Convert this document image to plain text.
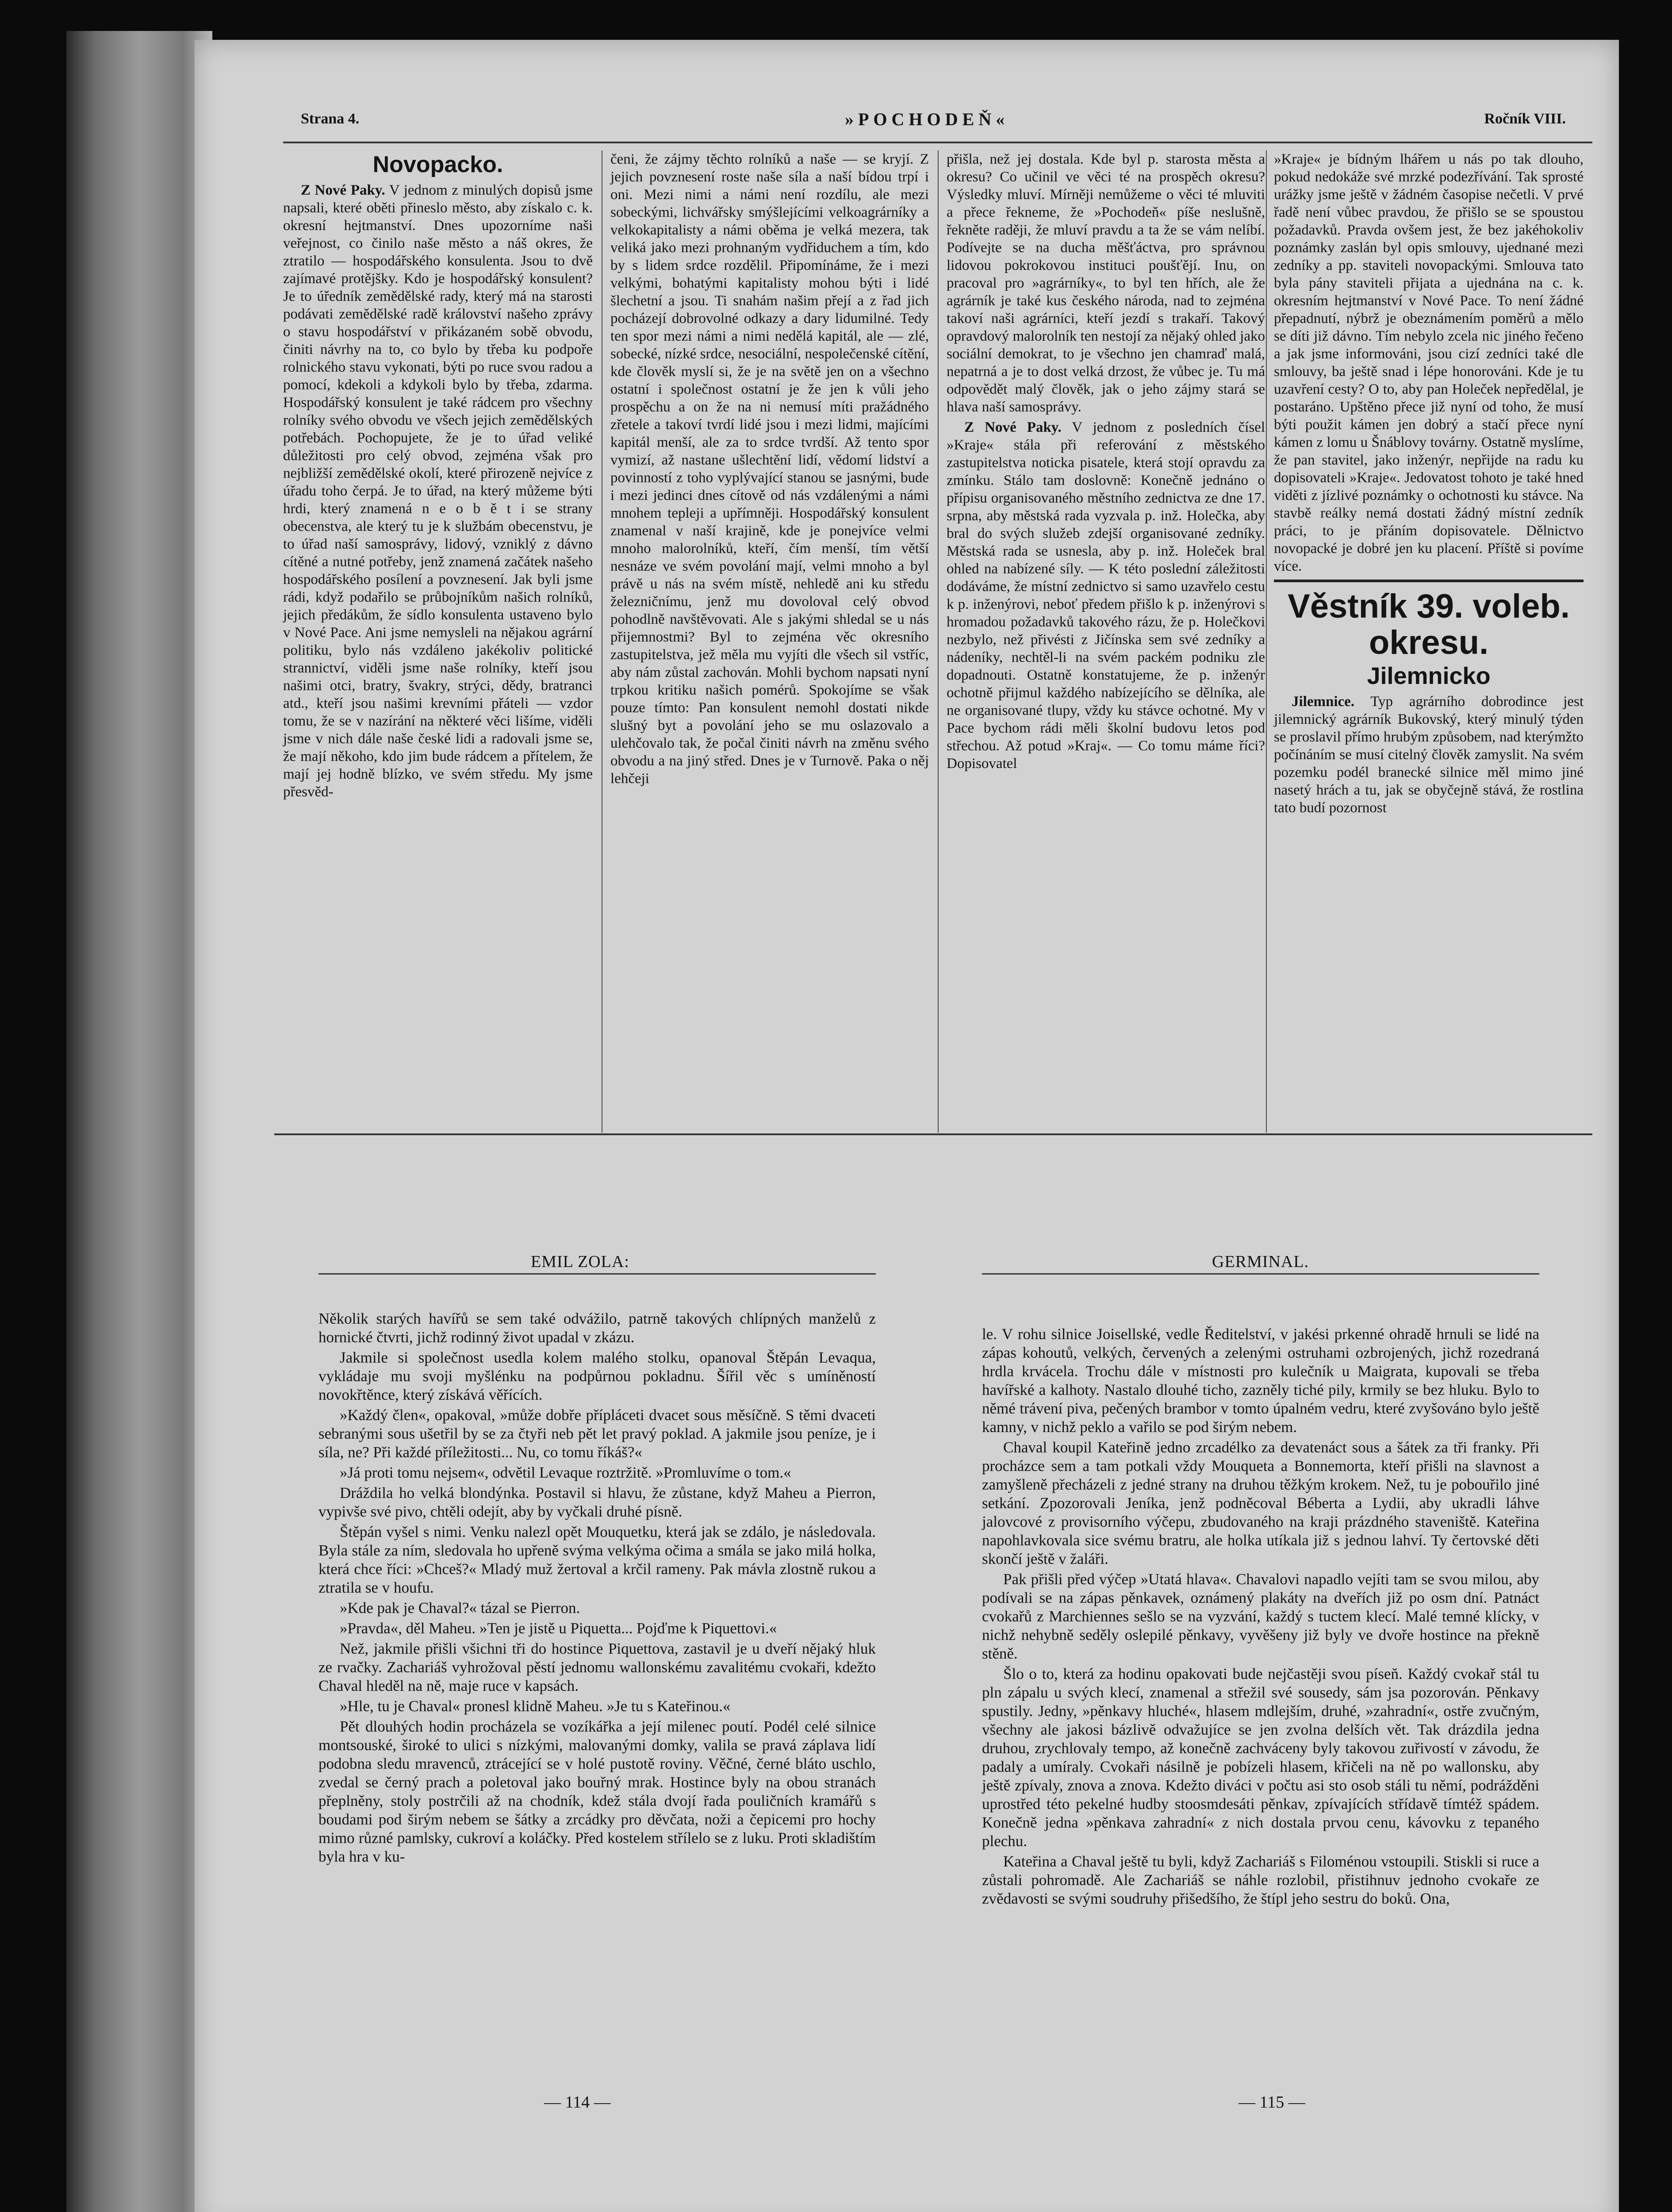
Strana 4.	»POCHODEŇ«	Ročník VIII.
Novopacko.

Z Nové Paky. V jednom z minulých dopisů jsme napsali, které oběti přineslo město, aby získalo c. k. okresní hejtmanství. Dnes upozorníme naši veřejnost, co činilo naše město a náš okres, že ztratilo — hospodářského konsulenta. Jsou to dvě zajímavé protějšky. Kdo je hospodářský konsulent? Je to úředník zemědělské rady, který má na starosti podávati zemědělské radě království našeho zprávy o stavu hospodářství v přikázaném sobě obvodu, činiti návrhy na to, co bylo by třeba ku podpoře rolnického stavu vykonati, býti po ruce svou radou a pomocí, kdekoli a kdykoli bylo by třeba, zdarma. Hospodářský konsulent je také rádcem pro všechny rolníky svého obvodu ve všech jejich zemědělských potřebách. Pochopujete, že je to úřad veliké důležitosti pro celý obvod, zejména však pro nejbližší zemědělské okolí, které přirozeně nejvíce z úřadu toho čerpá. Je to úřad, na který můžeme býti hrdi, který znamená n e o b ě t i se strany obecenstva, ale který tu je k službám obecenstvu, je to úřad naší samosprávy, lidový, vzniklý z dávno cítěné a nutné potřeby, jenž znamená začátek našeho hospodářského posílení a povznesení. Jak byli jsme rádi, když podařilo se průbojníkům našich rolníků, jejich předákům, že sídlo konsulenta ustaveno bylo v Nové Pace. Ani jsme nemysleli na nějakou agrární politiku, bylo nás vzdáleno jakékoliv politické strannictví, viděli jsme naše rolníky, kteří jsou našimi otci, bratry, švakry, strýci, dědy, bratranci atd., kteří jsou našimi krevními přáteli — vzdor tomu, že se v nazírání na některé věci lišíme, viděli jsme v nich dále naše české lidi a radovali jsme se, že mají někoho, kdo jim bude rádcem a přítelem, že mají jej hodně blízko, ve svém středu. My jsme přesvěd-

čeni, že zájmy těchto rolníků a naše — se kryjí. Z jejich povznesení roste naše síla a naší bídou trpí i oni. Mezi nimi a námi není rozdílu, ale mezi sobeckými, lichvářsky smýšlejícími velkoagrárníky a velkokapitalisty a námi oběma je velká mezera, tak veliká jako mezi prohnaným vydřiduchem a tím, kdo by s lidem srdce rozdělil. Připomínáme, že i mezi velkými, bohatými kapitalisty mohou býti i lidé šlechetní a jsou. Ti snahám našim přejí a z řad jich pocházejí dobrovolné odkazy a dary lidumilné. Tedy ten spor mezi námi a nimi nedělá kapitál, ale — zlé, sobecké, nízké srdce, nesociální, nespolečenské cítění, kde člověk myslí si, že je na světě jen on a všechno ostatní i společnost ostatní je že jen k vůli jeho prospěchu a on že na ni nemusí míti pražádného zřetele a takoví tvrdí lidé jsou i mezi lidmi, majícími kapitál menší, ale za to srdce tvrdší. Až tento spor vymizí, až nastane ušlechtění lidí, vědomí lidství a povinností z toho vyplývající stanou se jasnými, bude i mezi jedinci dnes cítově od nás vzdálenými a námi mnohem tepleji a upřímněji. Hospodářský konsulent znamenal v naší krajině, kde je ponejvíce velmi mnoho malorolníků, kteří, čím menší, tím větší nesnáze ve svém povolání mají, velmi mnoho a byl právě u nás na svém místě, nehledě ani ku středu železničnímu, jenž mu dovoloval celý obvod pohodlně navštěvovati. Ale s jakými shledal se u nás přijemnostmi? Byl to zejména věc okresního zastupitelstva, jež měla mu vyjíti dle všech sil vstříc, aby nám zůstal zachován. Mohli bychom napsati nyní trpkou kritiku našich pomérů. Spokojíme se však pouze tímto: Pan konsulent nemohl dostati nikde slušný byt a povolání jeho se mu oslazovalo a ulehčovalo tak, že počal činiti návrh na změnu svého obvodu a na jiný střed. Dnes je v Turnově. Paka o něj lehčeji

přišla, než jej dostala. Kde byl p. starosta města a okresu? Co učinil ve věci té na prospěch okresu? Výsledky mluví. Mírněji nemůžeme o věci té mluviti a přece řekneme, že »Pochodeň« píše neslušně, řekněte raději, že mluví pravdu a ta že se vám nelíbí. Podívejte se na ducha měšťáctva, pro správnou lidovou pokrokovou instituci poušťějí. Inu, on pracoval pro »agrárníky«, to byl ten hřích, ale že agrárník je také kus českého národa, nad to zejména takoví naši agrárníci, kteří jezdí s trakaří. Takový opravdový malorolník ten nestojí za nějaký ohled jako sociální demokrat, to je všechno jen chamraď malá, nepatrná a je to dost velká drzost, že vůbec je. Tu má odpovědět malý člověk, jak o jeho zájmy stará se hlava naší samosprávy.

Z Nové Paky. V jednom z posledních čísel »Kraje« stála při referování z městského zastupitelstva noticka pisatele, která stojí opravdu za zmínku. Stálo tam doslovně: Konečně jednáno o přípisu organisovaného městního zednictva ze dne 17. srpna, aby městská rada vyzvala p. inž. Holečka, aby bral do svých služeb zdejší organisované zedníky. Městská rada se usnesla, aby p. inž. Holeček bral ohled na nabízené síly. — K této poslední záležitosti dodáváme, že místní zednictvo si samo uzavřelo cestu k p. inženýrovi, neboť předem přišlo k p. inženýrovi s hromadou požadavků takového rázu, že p. Holečkovi nezbylo, než přivésti z Jičínska sem své zedníky a nádeníky, nechtěl-li na svém packém podniku zle dopadnouti. Ostatně konstatujeme, že p. inženýr ochotně přijmul každého nabízejícího se dělníka, ale ne organisované tlupy, vždy ku stávce ochotné. My v Pace bychom rádi měli školní budovu letos pod střechou. Až potud »Kraj«. — Co tomu máme říci? Dopisovatel

»Kraje« je bídným lhářem u nás po tak dlouho, pokud nedokáže své mrzké podezřívání. Tak sprosté urážky jsme ještě v žádném časopise nečetli. V prvé řadě není vůbec pravdou, že přišlo se se spoustou požadavků. Pravda ovšem jest, že bez jakéhokoliv poznámky zaslán byl opis smlouvy, ujednané mezi zedníky a pp. staviteli novopackými. Smlouva tato byla pány staviteli přijata a ujednána na c. k. okresním hejtmanství v Nové Pace. To není žádné přepadnutí, nýbrž je obeznámením poměrů a mělo se díti již dávno. Tím nebylo zcela nic jiného řečeno a jak jsme informováni, jsou cizí zedníci také dle smlouvy, ba ještě snad i lépe honorováni. Kde je tu uzavření cesty? O to, aby pan Holeček nepředělal, je postaráno. Upštěno přece již nyní od toho, že musí býti použit kámen jen dobrý a stačí přece nyní kámen z lomu u Šnáblovy továrny. Ostatně myslíme, že pan stavitel, jako inženýr, nepřijde na radu ku dopisovateli »Kraje«. Jedovatost tohoto je také hned viděti z jízlivé poznámky o ochotnosti ku stávce. Na stavbě reálky nemá dostati žádný místní zedník práci, to je přáním dopisovatele. Dělnictvo novopacké je dobré jen ku placení. Příště si povíme více.

Věstník 39. voleb. okresu.
Jilemnicko

Jilemnice. Typ agrárního dobrodince jest jilemnický agrárník Bukovský, který minulý týden se proslavil přímo hrubým způsobem, nad kterýmžto počínáním se musí citelný člověk zamyslit. Na svém pozemku podél branecké silnice měl mimo jiné nasetý hrách a tu, jak se obyčejně stává, že rostlina tato budí pozornost

EMIL ZOLA:	GERMINAL.

Několik starých havířů se sem také odvážilo, patrně takových chlípných manželů z hornické čtvrti, jichž rodinný život upadal v zkázu.

Jakmile si společnost usedla kolem malého stolku, opanoval Štěpán Levaqua, vykládaje mu svoji myšlénku na podpůrnou pokladnu. Šířil věc s umíněností novokřtěnce, který získává věřících.

»Každý člen«, opakoval, »může dobře přípláceti dvacet sous měsíčně. S těmi dvaceti sebranými sous ušetřil by se za čtyři neb pět let pravý poklad. A jakmile jsou peníze, je i síla, ne? Při každé příležitosti... Nu, co tomu říkáš?«

»Já proti tomu nejsem«, odvětil Levaque roztržitě. »Promluvíme o tom.«

Dráždila ho velká blondýnka. Postavil si hlavu, že zůstane, když Maheu a Pierron, vypivše své pivo, chtěli odejít, aby by vyčkali druhé písně.

Štěpán vyšel s nimi. Venku nalezl opět Mouquetku, která jak se zdálo, je následovala. Byla stále za ním, sledovala ho upřeně svýma velkýma očima a smála se jako milá holka, která chce říci: »Chceš?« Mladý muž žertoval a krčil rameny. Pak mávla zlostně rukou a ztratila se v houfu.

»Kde pak je Chaval?« tázal se Pierron.

»Pravda«, děl Maheu. »Ten je jistě u Piquetta... Pojďme k Piquettovi.«

Než, jakmile přišli všichni tři do hostince Piquettova, zastavil je u dveří nějaký hluk ze rvačky. Zachariáš vyhrožoval pěstí jednomu wallonskému zavalitému cvokaři, kdežto Chaval hleděl na ně, maje ruce v kapsách.

»Hle, tu je Chaval« pronesl klidně Maheu. »Je tu s Kateřinou.«

Pět dlouhých hodin procházela se vozíkářka a její milenec poutí. Podél celé silnice montsouské, široké to ulici s nízkými, malovanými domky, valila se pravá záplava lidí podobna sledu mravenců, ztrácející se v holé pustotě roviny. Věčné, černé bláto uschlo, zvedal se černý prach a poletoval jako bouřný mrak. Hostince byly na obou stranách přeplněny, stoly postrčili až na chodník, kdež stála dvojí řada pouličních kramářů s boudami pod širým nebem se šátky a zrcádky pro děvčata, noži a čepicemi pro hochy mimo různé pamlsky, cukroví a koláčky. Před kostelem střílelo se z luku. Proti skladištím byla hra v ku-

le. V rohu silnice Joisellské, vedle Ředitelství, v jakési prkenné ohradě hrnuli se lidé na zápas kohoutů, velkých, červených a zelenými ostruhami ozbrojených, jichž rozedraná hrdla krvácela. Trochu dále v místnosti pro kulečník u Maigrata, kupovali se třeba havířské a kalhoty. Nastalo dlouhé ticho, zazněly tiché pily, krmily se bez hluku. Bylo to němé trávení piva, pečených brambor v tomto úpalném vedru, které zvyšováno bylo ještě kamny, v nichž peklo a vařilo se pod širým nebem.

Chaval koupil Kateřině jedno zrcadélko za devatenáct sous a šátek za tři franky. Při procházce sem a tam potkali vždy Mouqueta a Bonnemorta, kteří přišli na slavnost a zamyšleně přecházeli z jedné strany na druhou těžkým krokem. Než, tu je pobouřilo jiné setkání. Zpozorovali Jeníka, jenž podněcoval Béberta a Lydii, aby ukradli láhve jalovcové z provisorního výčepu, zbudovaného na kraji prázdného staveniště. Kateřina napohlavkovala sice svému bratru, ale holka utíkala již s jednou lahví. Ty čertovské děti skončí ještě v žaláři.

Pak přišli před výčep »Utatá hlava«. Chavalovi napadlo vejíti tam se svou milou, aby podívali se na zápas pěnkavek, oznámený plakáty na dveřích již po osm dní. Patnáct cvokařů z Marchiennes sešlo se na vyzvání, každý s tuctem klecí. Malé temné klícky, v nichž nehybně seděly oslepilé pěnkavy, vyvěšeny již byly ve dvoře hostince na překně stěně.

Šlo o to, která za hodinu opakovati bude nejčastěji svou píseň. Každý cvokař stál tu pln zápalu u svých klecí, znamenal a střežil své sousedy, sám jsa pozorován. Pěnkavy spustily. Jedny, »pěnkavy hluché«, hlasem mdlejším, druhé, »zahradní«, ostře zvučným, všechny ale jakosi bázlivě odvažujíce se jen zvolna delších vět. Tak drázdila jedna druhou, zrychlovaly tempo, až konečně zachváceny byly takovou zuřivostí v závodu, že padaly a umíraly. Cvokaři násilně je pobízeli hlasem, křičeli na ně po wallonsku, aby ještě zpívaly, znova a znova. Kdežto diváci v počtu asi sto osob stáli tu němí, podrážděni uprostřed této pekelné hudby stoosmdesáti pěnkav, zpívajících střídavě tímtéž spádem. Konečně jedna »pěnkava zahradní« z nich dostala prvou cenu, kávovku z tepaného plechu.

Kateřina a Chaval ještě tu byli, když Zachariáš s Filoménou vstoupili. Stiskli si ruce a zůstali pohromadě. Ale Zachariáš se náhle rozlobil, přistihnuv jednoho cvokaře ze zvědavosti se svými soudruhy přišedšího, že štípl jeho sestru do boků. Ona,

— 114 —	— 115 —
